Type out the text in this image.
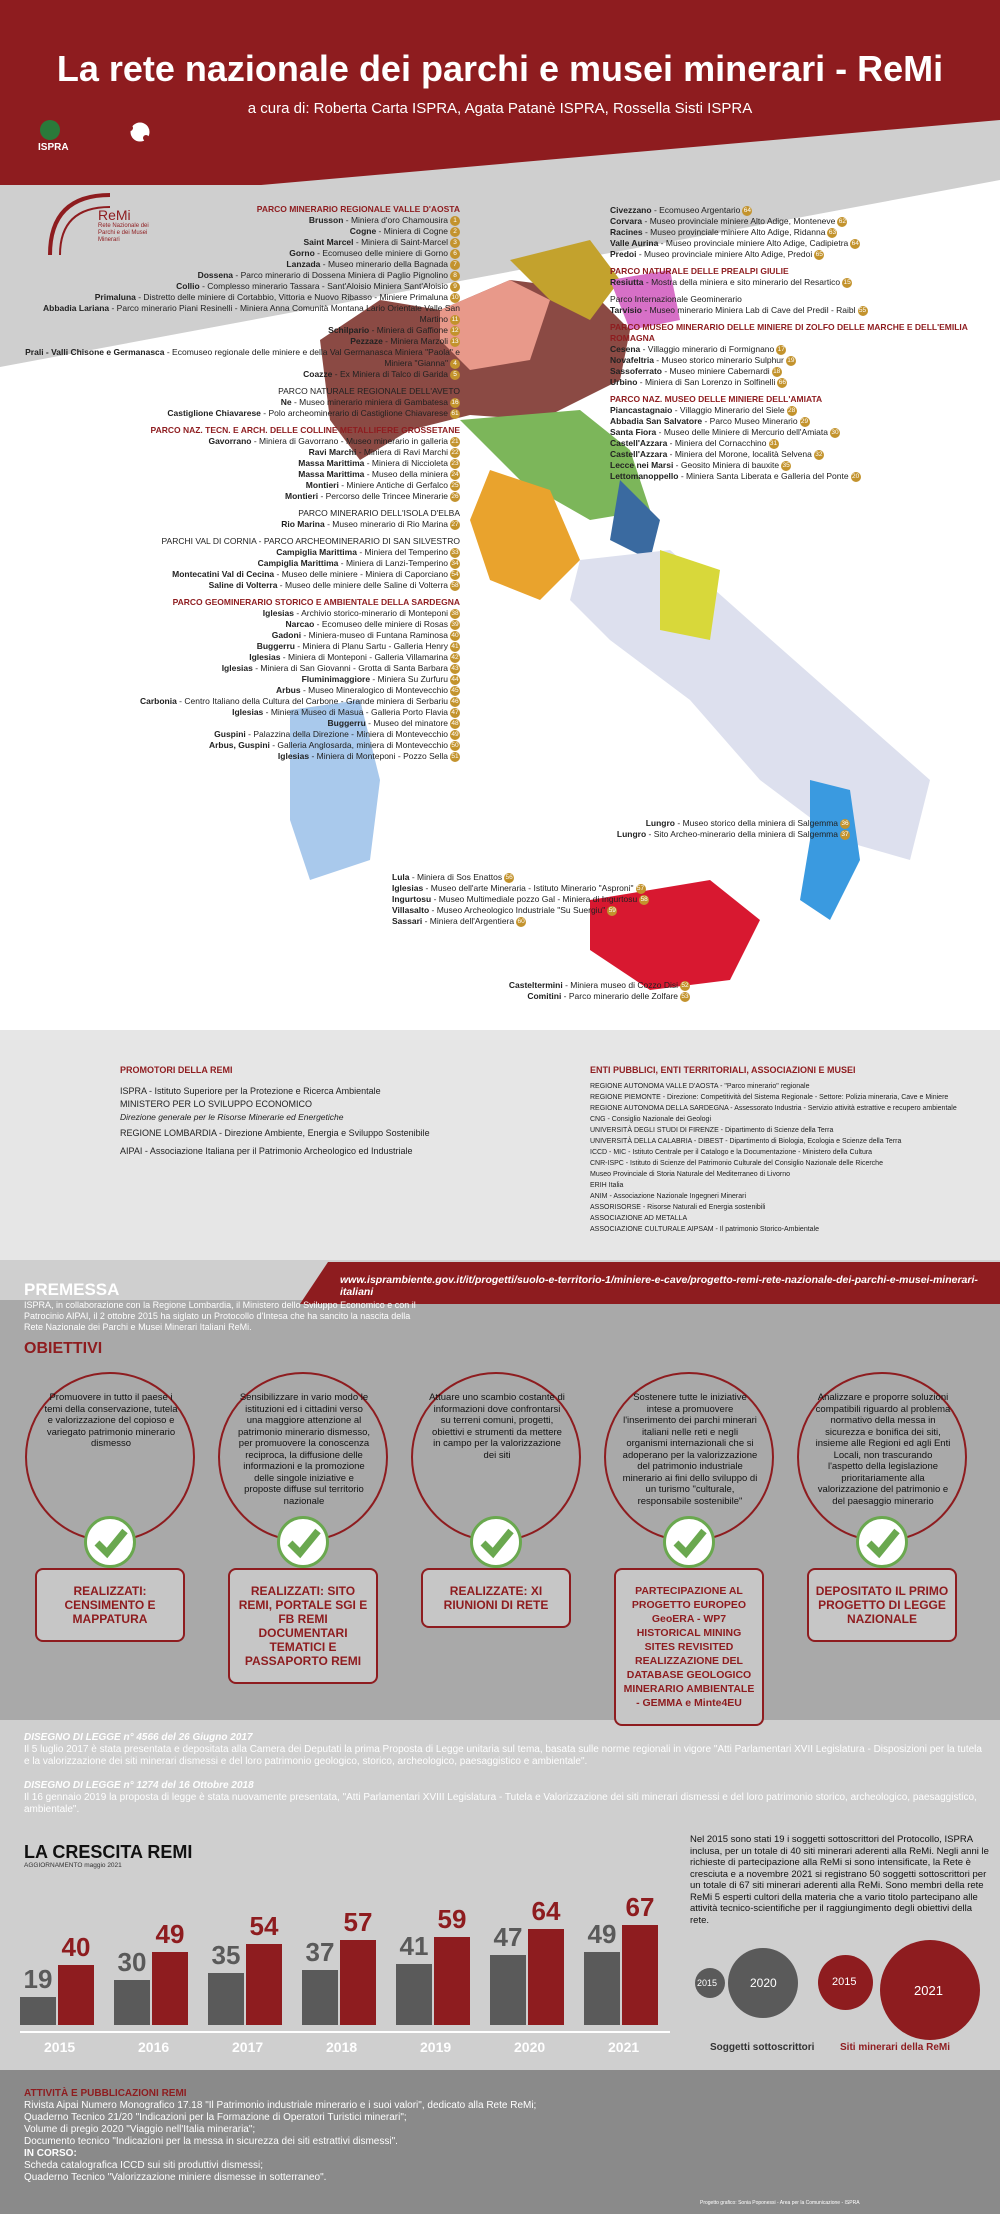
La rete nazionale dei parchi e musei minerari - ReMi
a cura di: Roberta Carta ISPRA, Agata Patanè ISPRA, Rossella Sisti ISPRA
ISPRA
ReMi
Rete Nazionale dei Parchi e dei Musei Minerari
PARCO MINERARIO REGIONALE VALLE D'AOSTA
Brusson - Miniera d'oro Chamousira 1
Cogne - Miniera di Cogne 2
Saint Marcel - Miniera di Saint-Marcel 3
Gorno - Ecomuseo delle miniere di Gorno 6
Lanzada - Museo minerario della Bagnada 7
Dossena - Parco minerario di Dossena Miniera di Paglio Pignolino 8
Collio - Complesso minerario Tassara - Sant'Aloisio Miniera Sant'Aloisio 9
Primaluna - Distretto delle miniere di Cortabbio, Vittoria e Nuovo Ribasso - Miniere Primaluna 10
Abbadia Lariana - Parco minerario Piani Resinelli - Miniera Anna Comunità Montana Lario Orientale Valle San Martino 11
Schilpario - Miniera di Gaffione 12
Pezzaze - Miniera Marzoli 13
Prali - Valli Chisone e Germanasca - Ecomuseo regionale delle miniere e della Val Germanasca Miniera "Paola" e Miniera "Gianna" 4
Coazze - Ex Miniera di Talco di Garida 5
PARCO NATURALE REGIONALE DELL'AVETO
Ne - Museo minerario miniera di Gambatesa 16
Castiglione Chiavarese - Polo archeominerario di Castiglione Chiavarese 61
PARCO NAZ. TECN. E ARCH. DELLE COLLINE METALLIFERE GROSSETANE
Gavorrano - Miniera di Gavorrano - Museo minerario in galleria 21
Ravi Marchi - Miniera di Ravi Marchi 22
Massa Marittima - Miniera di Niccioleta 23
Massa Marittima - Museo della miniera 24
Montieri - Miniere Antiche di Gerfalco 25
Montieri - Percorso delle Trincee Minerarie 26
PARCO MINERARIO DELL'ISOLA D'ELBA
Rio Marina - Museo minerario di Rio Marina 27
PARCHI VAL DI CORNIA - PARCO ARCHEOMINERARIO DI SAN SILVESTRO
Campiglia Marittima - Miniera del Temperino 33
Campiglia Marittima - Miniera di Lanzi-Temperino 34
Montecatini Val di Cecina - Museo delle miniere - Miniera di Caporciano 54
Saline di Volterra - Museo delle miniere delle Saline di Volterra 58
PARCO GEOMINERARIO STORICO E AMBIENTALE DELLA SARDEGNA
Iglesias - Archivio storico-minerario di Monteponi 38
Narcao - Ecomuseo delle miniere di Rosas 39
Gadoni - Miniera-museo di Funtana Raminosa 40
Buggerru - Miniera di Planu Sartu - Galleria Henry 41
Iglesias - Miniera di Monteponi - Galleria Villamarina 42
Iglesias - Miniera di San Giovanni - Grotta di Santa Barbara 43
Fluminimaggiore - Miniera Su Zurfuru 44
Arbus - Museo Mineralogico di Montevecchio 45
Carbonia - Centro Italiano della Cultura del Carbone - Grande miniera di Serbariu 46
Iglesias - Miniera Museo di Masua - Galleria Porto Flavia 47
Buggerru - Museo del minatore 48
Guspini - Palazzina della Direzione - Miniera di Montevecchio 49
Arbus, Guspini - Galleria Anglosarda, miniera di Montevecchio 50
Iglesias - Miniera di Monteponi - Pozzo Sella 51
Civezzano - Ecomuseo Argentario 64
Corvara - Museo provinciale miniere Alto Adige, Monteneve 62
Racines - Museo provinciale miniere Alto Adige, Ridanna 63
Valle Aurina - Museo provinciale miniere Alto Adige, Cadipietra 64
Predoi - Museo provinciale miniere Alto Adige, Predoi 65
PARCO NATURALE DELLE PREALPI GIULIE
Resiutta - Mostra della miniera e sito minerario del Resartico 15
Parco Internazionale Geominerario
Tarvisio - Museo minerario Miniera Lab di Cave del Predil - Raibl 55
PARCO MUSEO MINERARIO DELLE MINIERE DI ZOLFO DELLE MARCHE E DELL'EMILIA ROMAGNA
Cesena - Villaggio minerario di Formignano 17
Novafeltria - Museo storico minerario Sulphur 19
Sassoferrato - Museo miniere Cabernardi 18
Urbino - Miniera di San Lorenzo in Solfinelli 66
PARCO NAZ. MUSEO DELLE MINIERE DELL'AMIATA
Piancastagnaio - Villaggio Minerario del Siele 28
Abbadia San Salvatore - Parco Museo Minerario 29
Santa Fiora - Museo delle Miniere di Mercurio dell'Amiata 30
Castell'Azzara - Miniera del Cornacchino 31
Castell'Azzara - Miniera del Morone, località Selvena 32
Lecce nei Marsi - Geosito Miniera di bauxite 35
Lettomanoppello - Miniera Santa Liberata e Galleria del Ponte 20
Lula - Miniera di Sos Enattos 56
Iglesias - Museo dell'arte Mineraria - Istituto Minerario "Asproni" 57
Ingurtosu - Museo Multimediale pozzo Gal - Miniera di Ingurtosu 58
Villasalto - Museo Archeologico Industriale "Su Suergiu" 59
Sassari - Miniera dell'Argentiera 60
Lungro - Museo storico della miniera di Salgemma 36
Lungro - Sito Archeo-minerario della miniera di Salgemma 37
Casteltermini - Miniera museo di Cozzo Disi 52
Comitini - Parco minerario delle Zolfare 53
PROMOTORI DELLA REMI
ISPRA - Istituto Superiore per la Protezione e Ricerca Ambientale
MINISTERO PER LO SVILUPPO ECONOMICO
Direzione generale per le Risorse Minerarie ed Energetiche
REGIONE LOMBARDIA - Direzione Ambiente, Energia e Sviluppo Sostenibile
AIPAI - Associazione Italiana per il Patrimonio Archeologico ed Industriale
ENTI PUBBLICI, ENTI TERRITORIALI, ASSOCIAZIONI E MUSEI
REGIONE AUTONOMA VALLE D'AOSTA - "Parco minerario" regionale
REGIONE PIEMONTE - Direzione: Competitività del Sistema Regionale - Settore: Polizia mineraria, Cave e Miniere
REGIONE AUTONOMA DELLA SARDEGNA - Assessorato Industria - Servizio attività estrattive e recupero ambientale
CNG - Consiglio Nazionale dei Geologi
UNIVERSITÀ DEGLI STUDI DI FIRENZE - Dipartimento di Scienze della Terra
UNIVERSITÀ DELLA CALABRIA - DIBEST - Dipartimento di Biologia, Ecologia e Scienze della Terra
ICCD - MIC - Istituto Centrale per il Catalogo e la Documentazione - Ministero della Cultura
CNR-ISPC - Istituto di Scienze del Patrimonio Culturale del Consiglio Nazionale delle Ricerche
Museo Provinciale di Storia Naturale del Mediterraneo di Livorno
ERIH Italia
ANIM - Associazione Nazionale Ingegneri Minerari
ASSORISORSE - Risorse Naturali ed Energia sostenibili
ASSOCIAZIONE AD METALLA
ASSOCIAZIONE CULTURALE AIPSAM - Il patrimonio Storico-Ambientale
www.isprambiente.gov.it/it/progetti/suolo-e-territorio-1/miniere-e-cave/progetto-remi-rete-nazionale-dei-parchi-e-musei-minerari-italiani
PREMESSA
ISPRA, in collaborazione con la Regione Lombardia, il Ministero dello Sviluppo Economico e con il Patrocinio AIPAI, il 2 ottobre 2015 ha siglato un Protocollo d'Intesa che ha sancito la nascita della Rete Nazionale dei Parchi e Musei Minerari Italiani ReMi.
OBIETTIVI
Promuovere in tutto il paese i temi della conservazione, tutela e valorizzazione del copioso e variegato patrimonio minerario dismesso
REALIZZATI: CENSIMENTO E MAPPATURA
Sensibilizzare in vario modo le istituzioni ed i cittadini verso una maggiore attenzione al patrimonio minerario dismesso, per promuovere la conoscenza reciproca, la diffusione delle informazioni e la promozione delle singole iniziative e proposte diffuse sul territorio nazionale
REALIZZATI: SITO REMI, PORTALE SGI E FB REMI DOCUMENTARI TEMATICI E PASSAPORTO REMI
Attuare uno scambio costante di informazioni dove confrontarsi su terreni comuni, progetti, obiettivi e strumenti da mettere in campo per la valorizzazione dei siti
REALIZZATE: XI RIUNIONI DI RETE
Sostenere tutte le iniziative intese a promuovere l'inserimento dei parchi minerari italiani nelle reti e negli organismi internazionali che si adoperano per la valorizzazione del patrimonio industriale minerario ai fini dello sviluppo di un turismo "culturale, responsabile sostenibile"
PARTECIPAZIONE AL PROGETTO EUROPEO GeoERA - WP7 HISTORICAL MINING SITES REVISITED REALIZZAZIONE DEL DATABASE GEOLOGICO MINERARIO AMBIENTALE - GEMMA e Minte4EU
Analizzare e proporre soluzioni compatibili riguardo al problema normativo della messa in sicurezza e bonifica dei siti, insieme alle Regioni ed agli Enti Locali, non trascurando l'aspetto della legislazione prioritariamente alla valorizzazione del patrimonio e del paesaggio minerario
DEPOSITATO IL PRIMO PROGETTO DI LEGGE NAZIONALE
DISEGNO DI LEGGE n° 4566 del 26 Giugno 2017
Il 5 luglio 2017 è stata presentata e depositata alla Camera dei Deputati la prima Proposta di Legge unitaria sul tema, basata sulle norme regionali in vigore "Atti Parlamentari XVII Legislatura - Disposizioni per la tutela e la valorizzazione dei siti minerari dismessi e del loro patrimonio geologico, storico, archeologico, paesaggistico e ambientale".
DISEGNO DI LEGGE n° 1274 del 16 Ottobre 2018
Il 16 gennaio 2019 la proposta di legge è stata nuovamente presentata, "Atti Parlamentari XVIII Legislatura - Tutela e Valorizzazione dei siti minerari dismessi e del loro patrimonio storico, archeologico, paesaggistico, ambientale".
LA CRESCITA REMI
AGGIORNAMENTO maggio 2021
19
40 30
49
35
54
37
57
41
59
47
64
49
67
2015	2016	2017	2018	2019	2020	2021
Nel 2015 sono stati 19 i soggetti sottoscrittori del Protocollo, ISPRA inclusa, per un totale di 40 siti minerari aderenti alla ReMi. Negli anni le richieste di partecipazione alla ReMi si sono intensificate, la Rete è cresciuta e a novembre 2021 si registrano 50 soggetti sottoscrittori per un totale di 67 siti minerari aderenti alla ReMi. Sono membri della rete ReMi 5 esperti cultori della materia che a vario titolo partecipano alle attività tecnico-scientifiche per il raggiungimento degli obiettivi della rete.
2015	2020	2015
2021
Soggetti sottoscrittori	Siti minerari della ReMi
ATTIVITÀ E PUBBLICAZIONI REMI
Rivista Aipai Numero Monografico 17.18 "Il Patrimonio industriale minerario e i suoi valori", dedicato alla Rete ReMi;
Quaderno Tecnico 21/20 "Indicazioni per la Formazione di Operatori Turistici minerari";
Volume di pregio 2020 "Viaggio nell'Italia mineraria";
Documento tecnico "Indicazioni per la messa in sicurezza dei siti estrattivi dismessi".
IN CORSO:
Scheda catalografica ICCD sui siti produttivi dismessi;
Quaderno Tecnico "Valorizzazione miniere dismesse in sotterraneo".
Progetto grafico: Sonia Poponessi - Area per la Comunicazione - ISPRA
